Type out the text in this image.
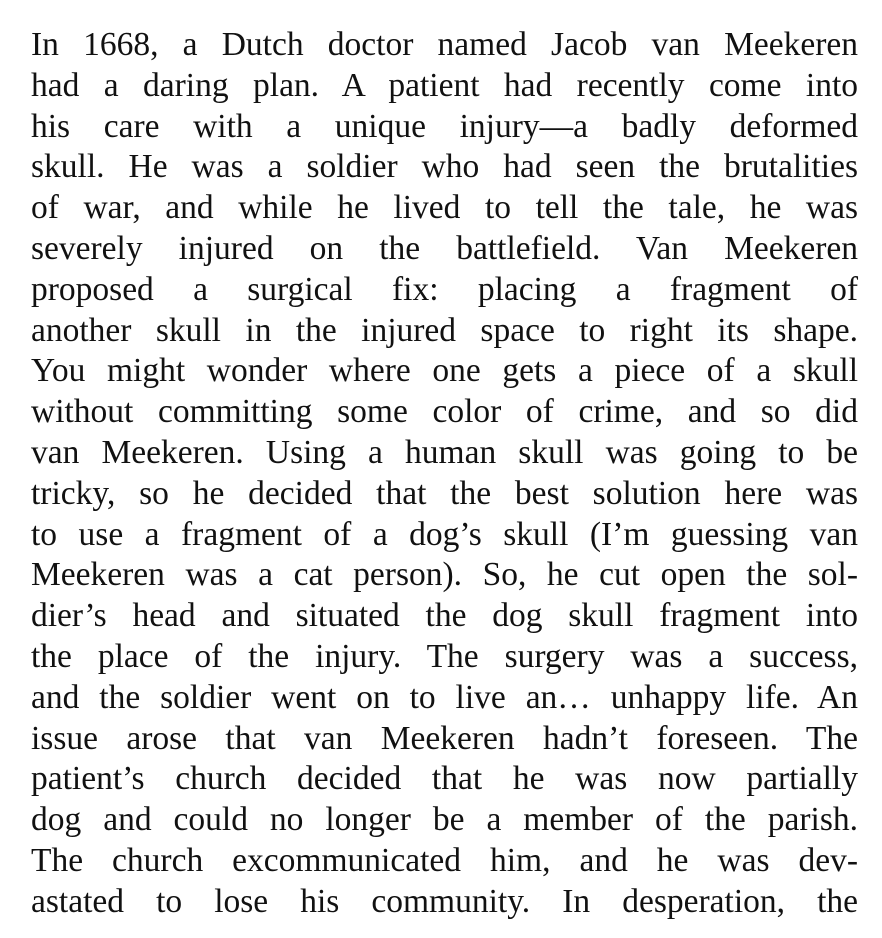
In 1668, a Dutch doctor named Jacob van Meekeren
had a daring plan. A patient had recently come into
his care with a unique injury—a badly deformed
skull. He was a soldier who had seen the brutalities
of war, and while he lived to tell the tale, he was
severely injured on the battlefield. Van Meekeren
proposed a surgical fix: placing a fragment of
another skull in the injured space to right its shape.
You might wonder where one gets a piece of a skull
without committing some color of crime, and so did
van Meekeren. Using a human skull was going to be
tricky, so he decided that the best solution here was
to use a fragment of a dog’s skull (I’m guessing van
Meekeren was a cat person). So, he cut open the sol-
dier’s head and situated the dog skull fragment into
the place of the injury. The surgery was a success,
and the soldier went on to live an… unhappy life. An
issue arose that van Meekeren hadn’t foreseen. The
patient’s church decided that he was now partially
dog and could no longer be a member of the parish.
The church excommunicated him, and he was dev-
astated to lose his community. In desperation, the
